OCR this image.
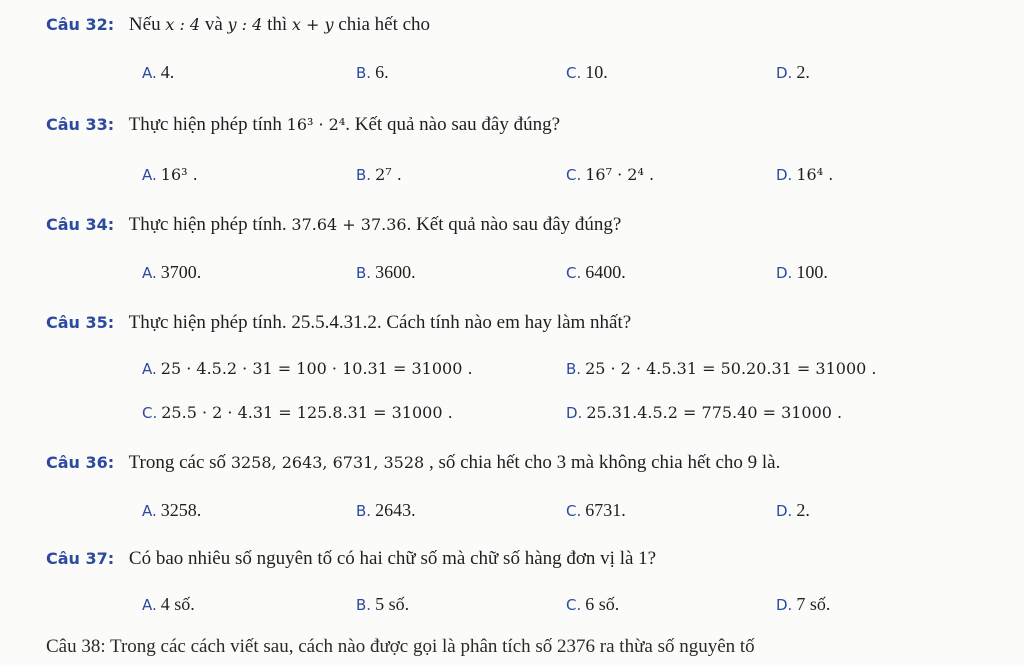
Câu 32: Nếu x : 4 và y : 4 thì x + y chia hết cho
A. 4.	B. 6.	C. 10.	D. 2.
Câu 33: Thực hiện phép tính 16³ · 2⁴. Kết quả nào sau đây đúng?
A. 16³ .	B. 2⁷ .	C. 16⁷ · 2⁴ .	D. 16⁴ .
Câu 34: Thực hiện phép tính. 37.64 + 37.36. Kết quả nào sau đây đúng?
A. 3700.	B. 3600.	C. 6400.	D. 100.
Câu 35: Thực hiện phép tính. 25.5.4.31.2. Cách tính nào em hay làm nhất?
A. 25 · 4.5.2 · 31 = 100 · 10.31 = 31000 .	B. 25 · 2 · 4.5.31 = 50.20.31 = 31000 .
C. 25.5 · 2 · 4.31 = 125.8.31 = 31000 .	D. 25.31.4.5.2 = 775.40 = 31000 .
Câu 36: Trong các số 3258, 2643, 6731, 3528 , số chia hết cho 3 mà không chia hết cho 9 là.
A. 3258.	B. 2643.	C. 6731.	D. 2.
Câu 37: Có bao nhiêu số nguyên tố có hai chữ số mà chữ số hàng đơn vị là 1?
A. 4 số.	B. 5 số.	C. 6 số.	D. 7 số.
Câu 38: Trong các cách viết sau, cách nào được gọi là phân tích số 2376 ra thừa số nguyên tố
